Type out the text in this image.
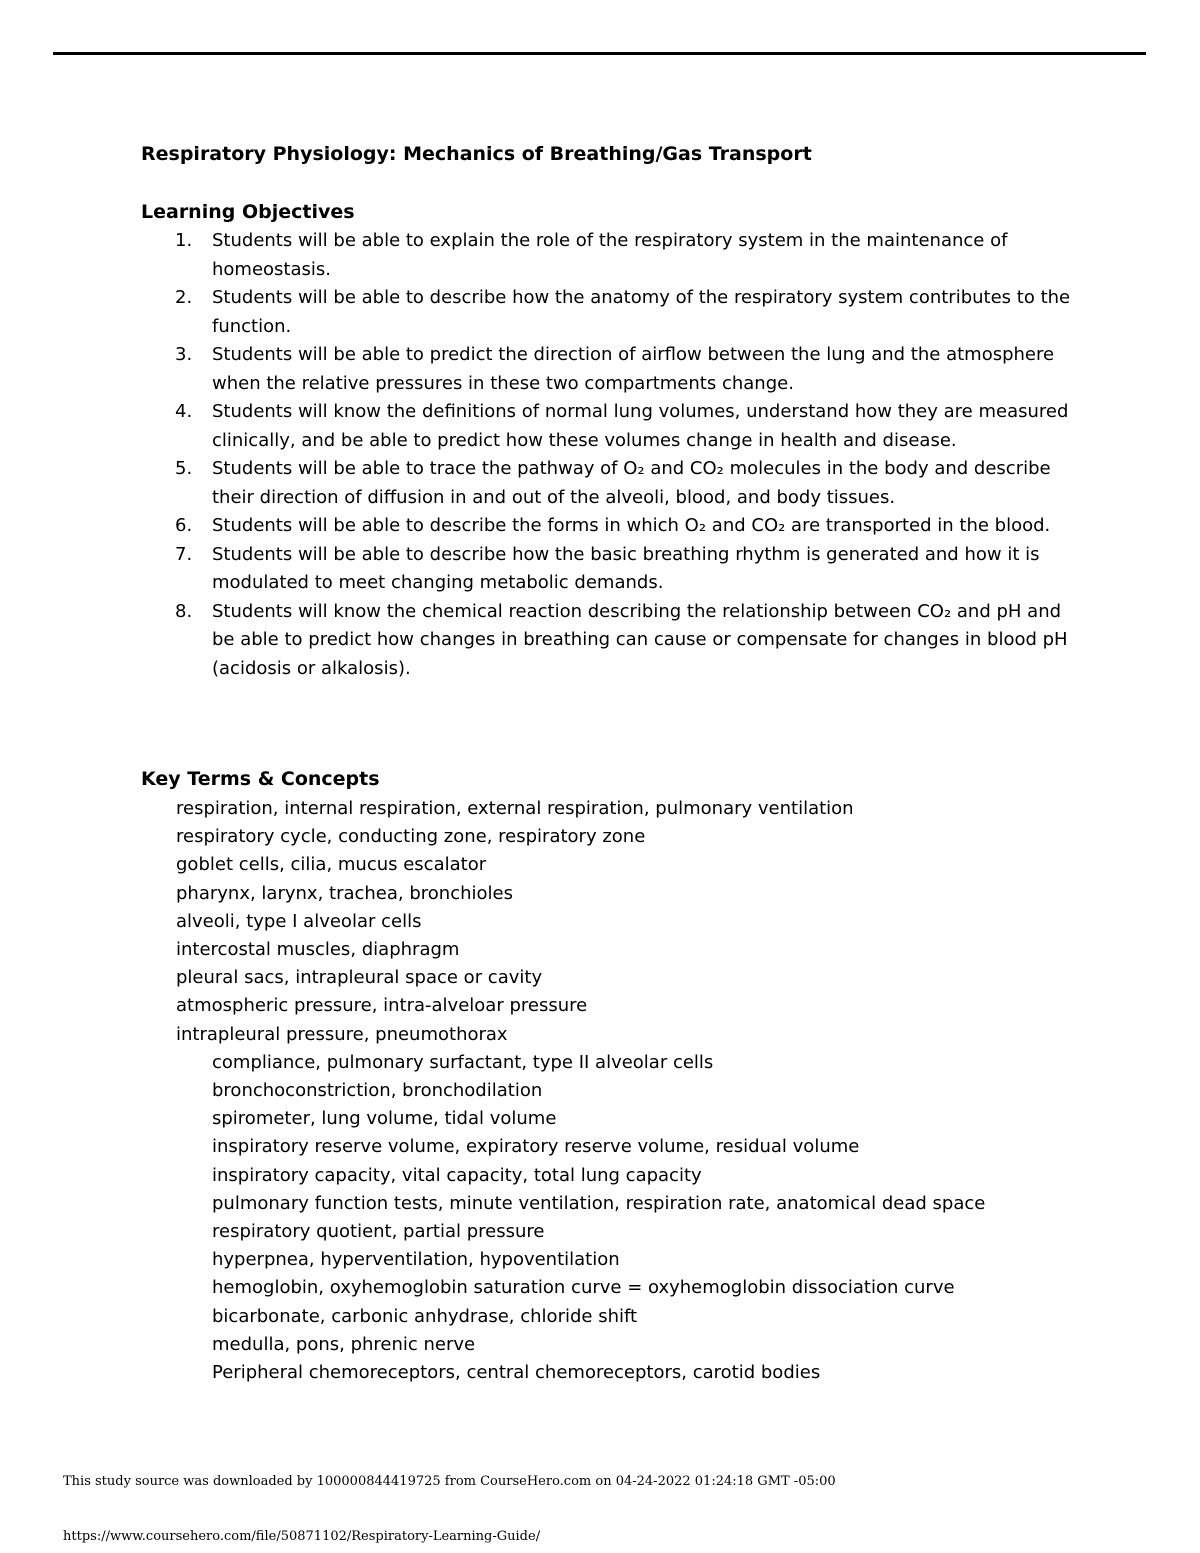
Respiratory Physiology: Mechanics of Breathing/Gas Transport
Learning Objectives
1. Students will be able to explain the role of the respiratory system in the maintenance of homeostasis.
2. Students will be able to describe how the anatomy of the respiratory system contributes to the function.
3. Students will be able to predict the direction of airflow between the lung and the atmosphere when the relative pressures in these two compartments change.
4. Students will know the definitions of normal lung volumes, understand how they are measured clinically, and be able to predict how these volumes change in health and disease.
5. Students will be able to trace the pathway of O₂ and CO₂ molecules in the body and describe their direction of diffusion in and out of the alveoli, blood, and body tissues.
6. Students will be able to describe the forms in which O₂ and CO₂ are transported in the blood.
7. Students will be able to describe how the basic breathing rhythm is generated and how it is modulated to meet changing metabolic demands.
8. Students will know the chemical reaction describing the relationship between CO₂ and pH and be able to predict how changes in breathing can cause or compensate for changes in blood pH (acidosis or alkalosis).
Key Terms & Concepts
respiration, internal respiration, external respiration, pulmonary ventilation
respiratory cycle, conducting zone, respiratory zone
goblet cells, cilia, mucus escalator
pharynx, larynx, trachea, bronchioles
alveoli, type I alveolar cells
intercostal muscles, diaphragm
pleural sacs, intrapleural space or cavity
atmospheric pressure, intra-alveloar pressure
intrapleural pressure, pneumothorax
compliance, pulmonary surfactant, type II alveolar cells
bronchoconstriction, bronchodilation
spirometer, lung volume, tidal volume
inspiratory reserve volume, expiratory reserve volume, residual volume
inspiratory capacity, vital capacity, total lung capacity
pulmonary function tests, minute ventilation, respiration rate, anatomical dead space
respiratory quotient, partial pressure
hyperpnea, hyperventilation, hypoventilation
hemoglobin, oxyhemoglobin saturation curve = oxyhemoglobin dissociation curve
bicarbonate, carbonic anhydrase, chloride shift
medulla, pons, phrenic nerve
Peripheral chemoreceptors, central chemoreceptors, carotid bodies
This study source was downloaded by 100000844419725 from CourseHero.com on 04-24-2022 01:24:18 GMT -05:00
https://www.coursehero.com/file/50871102/Respiratory-Learning-Guide/
